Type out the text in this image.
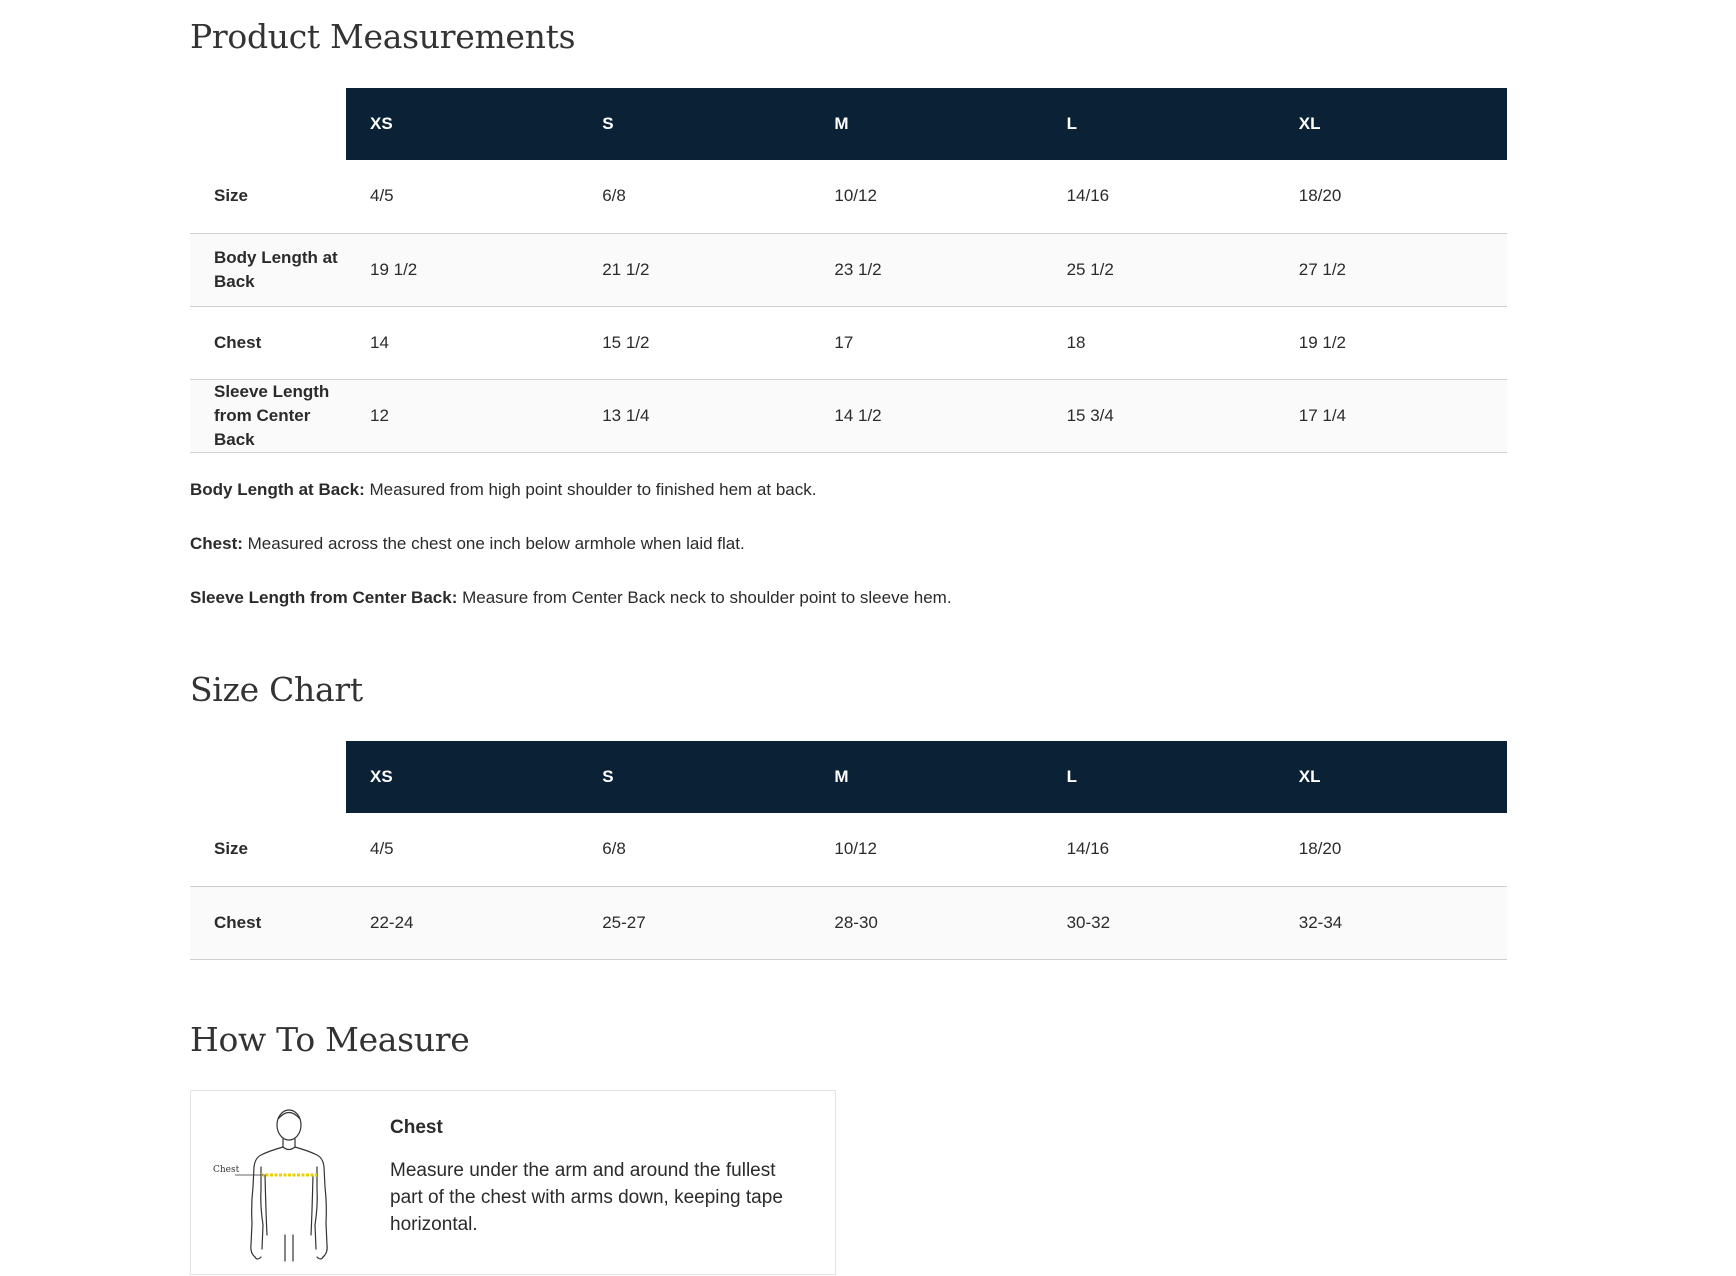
Product Measurements
	XS	S	M	L	XL
Size	4/5	6/8	10/12	14/16	18/20
Body Length at Back	19 1/2	21 1/2	23 1/2	25 1/2	27 1/2
Chest	14	15 1/2	17	18	19 1/2
Sleeve Length from Center Back	12	13 1/4	14 1/2	15 3/4	17 1/4

Body Length at Back: Measured from high point shoulder to finished hem at back.

Chest: Measured across the chest one inch below armhole when laid flat.

Sleeve Length from Center Back: Measure from Center Back neck to shoulder point to sleeve hem.

Size Chart
	XS	S	M	L	XL
Size	4/5	6/8	10/12	14/16	18/20
Chest	22-24	25-27	28-30	30-32	32-34
How To Measure
Chest
Chest
Measure under the arm and around the fullest part of the chest with arms down, keeping tape horizontal.
